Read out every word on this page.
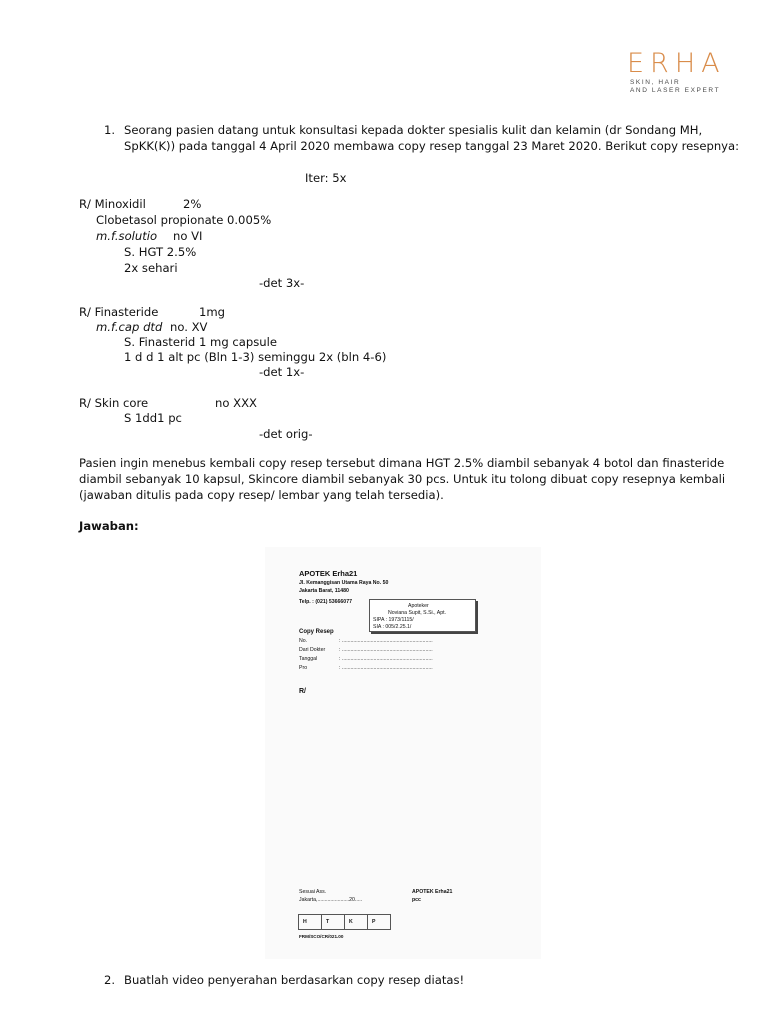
ERHA
SKIN, HAIR
AND LASER EXPERT
1. Seorang pasien datang untuk konsultasi kepada dokter spesialis kulit dan kelamin (dr Sondang MH,
SpKK(K)) pada tanggal 4 April 2020 membawa copy resep tanggal 23 Maret 2020. Berikut copy resepnya:
Iter: 5x
R/ Minoxidil	2%
Clobetasol propionate 0.005%
m.f.solutio no VI
S. HGT 2.5%
2x sehari
-det 3x-
R/ Finasteride	1mg
m.f.cap dtd no. XV
S. Finasterid 1 mg capsule
1 d d 1 alt pc (Bln 1-3) seminggu 2x (bln 4-6)
-det 1x-
R/ Skin core	no XXX
S 1dd1 pc
-det orig-
Pasien ingin menebus kembali copy resep tersebut dimana HGT 2.5% diambil sebanyak 4 botol dan finasteride
diambil sebanyak 10 kapsul, Skincore diambil sebanyak 30 pcs. Untuk itu tolong dibuat copy resepnya kembali
(jawaban ditulis pada copy resep/ lembar yang telah tersedia).
Jawaban:
APOTEK Erha21
Jl. Kemanggisan Utama Raya No. 50
Jakarta Barat, 11480
Telp. : (021) 53666077
Apoteker
Noviana Supit, S.Si., Apt.
SIPA : 1973/1115/
SIA : 005/2.25.1/
Copy Resep
No.	: ...............................................................
Dari Dokter	: ...............................................................
Tanggal	: ...............................................................
Pro	: ...............................................................
R/
Sesuai Ass.
Jakarta,......................20.....
APOTEK Erha21
pcc
H	T	K	P
FRM/SCO/CR/021.00
2. Buatlah video penyerahan berdasarkan copy resep diatas!
